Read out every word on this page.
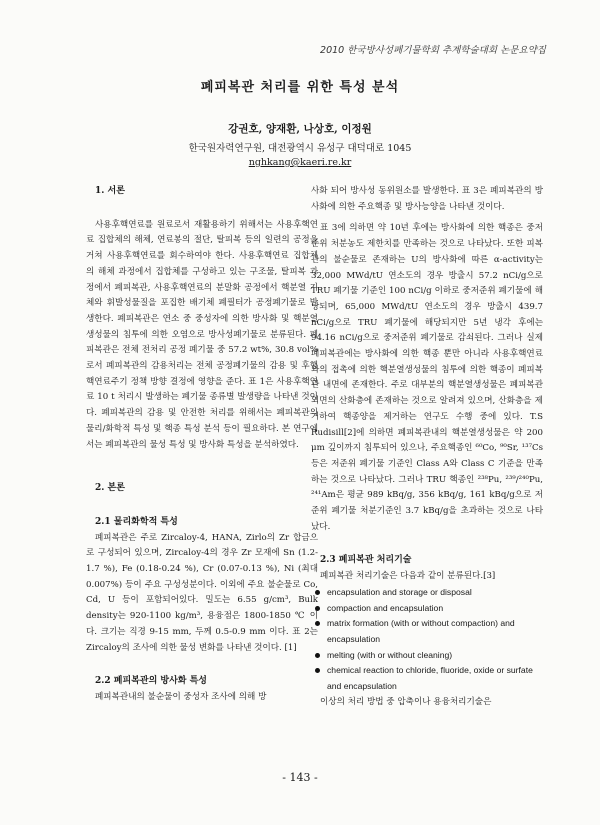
2010 한국방사성폐기물학회 추계학술대회 논문요약집
폐피복관 처리를 위한 특성 분석
강권호, 양재환, 나상호, 이정원
한국원자력연구원, 대전광역시 유성구 대덕대로 1045
nghkang@kaeri.re.kr

1. 서론

사용후핵연료를 원료로서 재활용하기 위해서는 사용후핵연료 집합체의 해체, 연료봉의 절단, 탈피복 등의 일련의 공정을 거쳐 사용후핵연료를 회수하여야 한다. 사용후핵연료 집합체의 해체 과정에서 집합체를 구성하고 있는 구조물, 탈피복 과정에서 폐피복관, 사용후핵연료의 분말화 공정에서 핵분열 기체와 휘발성물질을 포집한 배기체 폐필터가 공정폐기물로 발생한다. 폐피복관은 연소 중 중성자에 의한 방사화 및 핵분열 생성물의 침투에 의한 오염으로 방사성폐기물로 분류된다. 폐피복관은 전체 전처리 공정 폐기물 중 57.2 wt%, 30.8 vol% 로서 폐피복관의 감용처리는 전체 공정폐기물의 감용 및 후행 핵연료주기 정책 방향 결정에 영향을 준다. 표 1은 사용후핵연료 10 t 처리시 발생하는 폐기물 종류별 발생량을 나타낸 것이다. 폐피복관의 감용 및 안전한 처리를 위해서는 폐피복관의 물리/화학적 특성 및 핵종 특성 분석 등이 필요하다. 본 연구에서는 폐피복관의 물성 특성 및 방사화 특성을 분석하였다.

2. 본론

2.1 물리화학적 특성

폐피복관은 주로 Zircaloy-4, HANA, Zirlo의 Zr 합금으로 구성되어 있으며, Zircaloy-4의 경우 Zr 모재에 Sn (1.2-1.7 %), Fe (0.18-0.24 %), Cr (0.07-0.13 %), Ni (최대 0.007%) 등이 주요 구성성분이다. 이외에 주요 불순물로 Co, Cd, U 등이 포함되어있다. 밀도는 6.55 g/cm³, Bulk density는 920-1100 kg/m³, 용융점은 1800-1850 ℃ 이다. 크기는 직경 9-15 mm, 두께 0.5-0.9 mm 이다. 표 2는 Zircaloy의 조사에 의한 물성 변화를 나타낸 것이다. [1]

2.2 폐피복관의 방사화 특성

폐피복관내의 불순물이 중성자 조사에 의해 방

사화 되어 방사성 동위원소를 발생한다. 표 3은 폐피복관의 방사화에 의한 주요핵종 및 방사능양을 나타낸 것이다.

표 3에 의하면 약 10년 후에는 방사화에 의한 핵종은 중저준위 처분농도 제한치를 만족하는 것으로 나타났다. 또한 피복관의 불순물로 존재하는 U의 방사화에 따른 α-activity는 32,000 MWd/tU 연소도의 경우 방출시 57.2 nCi/g으로 TRU 폐기물 기준인 100 nCi/g 이하로 중저준위 폐기물에 해당되며, 65,000 MWd/tU 연소도의 경우 방출시 439.7 nCi/g으로 TRU 폐기물에 해당되지만 5년 냉각 후에는 94.16 nCi/g으로 중저준위 폐기물로 감쇠된다. 그러나 실제 폐피복관에는 방사화에 의한 핵종 뿐만 아니라 사용후핵연료와의 접촉에 의한 핵분열생성물의 침투에 의한 핵종이 폐피복관 내면에 존재한다. 주로 대부분의 핵분열생성물은 폐피복관 외면의 산화층에 존재하는 것으로 알려져 있으며, 산화층을 제거하여 핵종양을 제거하는 연구도 수행 중에 있다. T.S Rudisill[2]에 의하면 폐피복관내의 핵분열생성물은 약 200 μm 깊이까지 침투되어 있으나, 주요핵종인 ⁶⁰Co, ⁹⁰Sr, ¹³⁷Cs 등은 저준위 폐기물 기준인 Class A와 Class C 기준을 만족하는 것으로 나타났다. 그러나 TRU 핵종인 ²³⁸Pu, ²³⁹/²⁴⁰Pu, ²⁴¹Am은 평균 989 kBq/g, 356 kBq/g, 161 kBq/g으로 저준위 폐기물 처분기준인 3.7 kBq/g을 초과하는 것으로 나타났다.

2.3 폐피복관 처리기술

폐피복관 처리기술은 다음과 같이 분류된다.[3]

encapsulation and storage or disposal
compaction and encapsulation
matrix formation (with or without compaction) and encapsulation
melting (with or without cleaning)
chemical reaction to chloride, fluoride, oxide or surfate and encapsulation

이상의 처리 방법 중 압축이나 용융처리기술은

- 143 -
